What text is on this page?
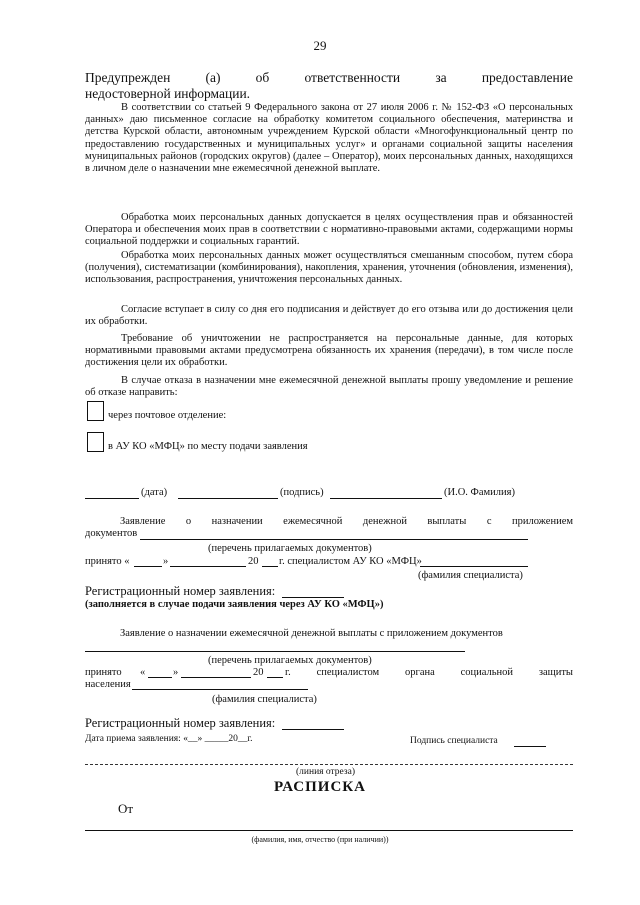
29
Предупрежден (а) об ответственности за предоставление
недостоверной информации.
В соответствии со статьей 9 Федерального закона от 27 июля 2006 г. № 152-ФЗ «О персональных данных» даю письменное согласие на обработку комитетом социального обеспечения, материнства и детства Курской области, автономным учреждением Курской области «Многофункциональный центр по предоставлению государственных и муниципальных услуг» и органами социальной защиты населения муниципальных районов (городских округов) (далее – Оператор), моих персональных данных, находящихся в личном деле о назначении мне ежемесячной денежной выплате.
Обработка моих персональных данных допускается в целях осуществления прав и обязанностей Оператора и обеспечения моих прав в соответствии с нормативно-правовыми актами, содержащими нормы социальной поддержки и социальных гарантий.
Обработка моих персональных данных может осуществляться смешанным способом, путем сбора (получения), систематизации (комбинирования), накопления, хранения, уточнения (обновления, изменения), использования, распространения, уничтожения персональных данных.
Согласие вступает в силу со дня его подписания и действует до его отзыва или до достижения цели их обработки.
Требование об уничтожении не распространяется на персональные данные, для которых нормативными правовыми актами предусмотрена обязанность их хранения (передачи), в том числе после достижения цели их обработки.
В случае отказа в назначении мне ежемесячной денежной выплаты прошу уведомление и решение об отказе направить:
через почтовое отделение:
в АУ КО «МФЦ» по месту подачи заявления
(дата)	(подпись)	(И.О. Фамилия)
Заявление о назначении ежемесячной денежной выплаты с приложением
документов
(перечень прилагаемых документов)
принято «	»	20 г. специалистом АУ КО «МФЦ»
(фамилия специалиста)
Регистрационный номер заявления:
(заполняется в случае подачи заявления через АУ КО «МФЦ»)
Заявление о назначении ежемесячной денежной выплаты с приложением документов
(перечень прилагаемых документов)
принято «	»	20 г. специалистом органа социальной защиты
населения
(фамилия специалиста)
Регистрационный номер заявления:
Дата приема заявления: «__» _____20__г.	Подпись специалиста
(линия отреза)
РАСПИСКА
От
(фамилия, имя, отчество (при наличии))
